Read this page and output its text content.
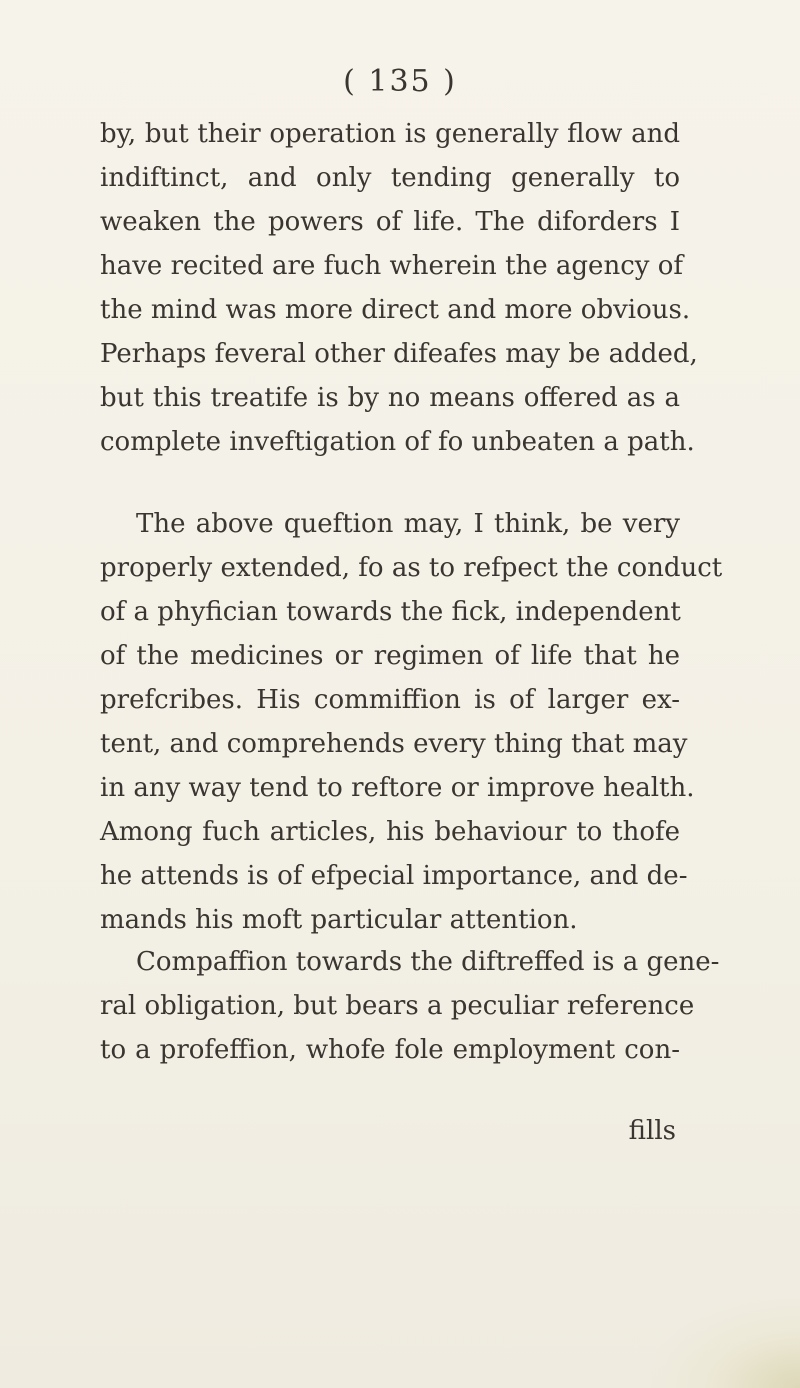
( 135 )
by, but their operation is generally flow and
indiftinct, and only tending generally to
weaken the powers of life. The diforders I
have recited are fuch wherein the agency of
the mind was more direct and more obvious.
Perhaps feveral other difeafes may be added,
but this treatife is by no means offered as a
complete inveftigation of fo unbeaten a path.
The above queftion may, I think, be very
properly extended, fo as to refpect the conduct
of a phyfician towards the fick, independent
of the medicines or regimen of life that he
prefcribes. His commiffion is of larger ex-
tent, and comprehends every thing that may
in any way tend to reftore or improve health.
Among fuch articles, his behaviour to thofe
he attends is of efpecial importance, and de-
mands his moft particular attention.
Compaffion towards the diftreffed is a gene-
ral obligation, but bears a peculiar reference
to a profeffion, whofe fole employment con-
fills
